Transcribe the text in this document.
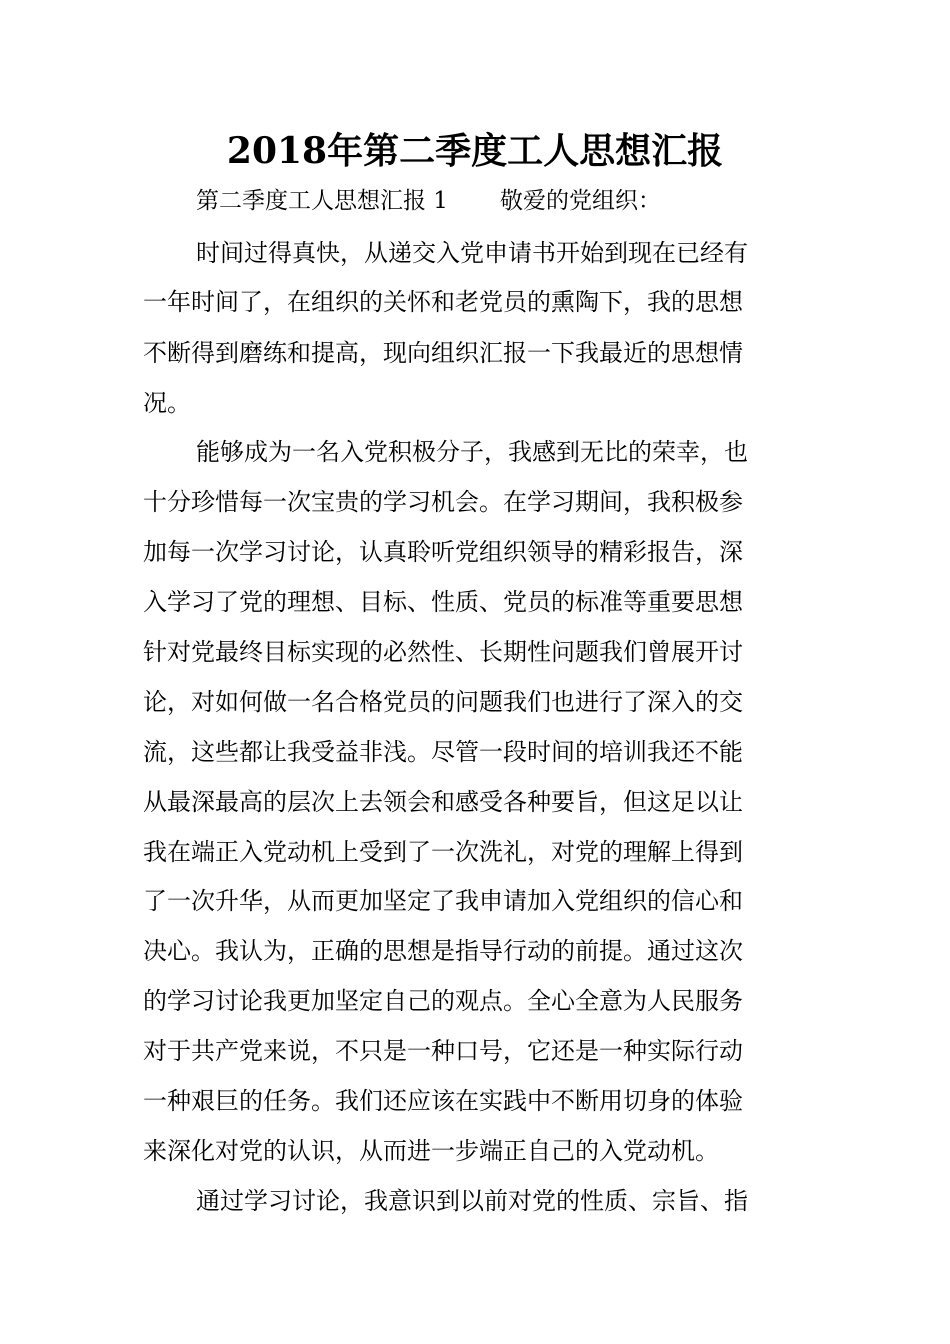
2018年第二季度工人思想汇报
第二季度工人思想汇报 1 敬爱的党组织：
时间过得真快，从递交入党申请书开始到现在已经有
一年时间了，在组织的关怀和老党员的熏陶下，我的思想
不断得到磨练和提高，现向组织汇报一下我最近的思想情
况。
能够成为一名入党积极分子，我感到无比的荣幸，也
十分珍惜每一次宝贵的学习机会。在学习期间，我积极参
加每一次学习讨论，认真聆听党组织领导的精彩报告，深
入学习了党的理想、目标、性质、党员的标准等重要思想
针对党最终目标实现的必然性、长期性问题我们曾展开讨
论，对如何做一名合格党员的问题我们也进行了深入的交
流，这些都让我受益非浅。尽管一段时间的培训我还不能
从最深最高的层次上去领会和感受各种要旨，但这足以让
我在端正入党动机上受到了一次洗礼，对党的理解上得到
了一次升华，从而更加坚定了我申请加入党组织的信心和
决心。我认为，正确的思想是指导行动的前提。通过这次
的学习讨论我更加坚定自己的观点。全心全意为人民服务
对于共产党来说，不只是一种口号，它还是一种实际行动
一种艰巨的任务。我们还应该在实践中不断用切身的体验
来深化对党的认识，从而进一步端正自己的入党动机。
通过学习讨论，我意识到以前对党的性质、宗旨、指
